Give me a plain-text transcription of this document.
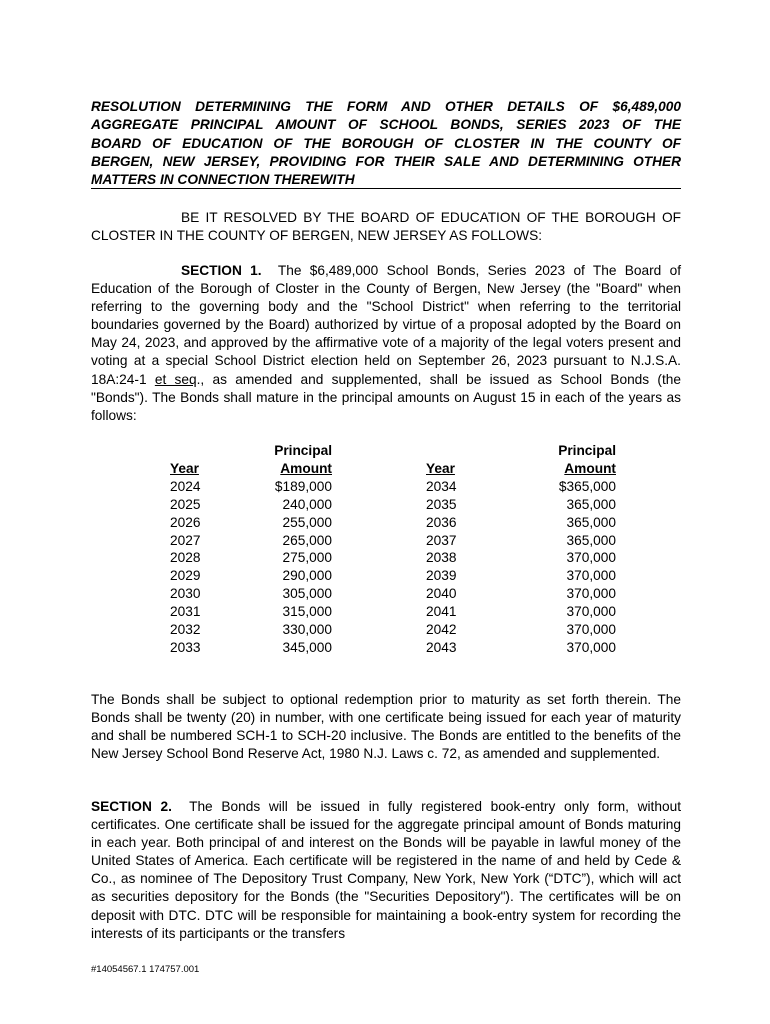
RESOLUTION DETERMINING THE FORM AND OTHER DETAILS OF $6,489,000
AGGREGATE PRINCIPAL AMOUNT OF SCHOOL BONDS, SERIES 2023 OF THE
BOARD OF EDUCATION OF THE BOROUGH OF CLOSTER IN THE COUNTY OF
BERGEN, NEW JERSEY, PROVIDING FOR THEIR SALE AND DETERMINING OTHER
MATTERS IN CONNECTION THEREWITH
BE IT RESOLVED BY THE BOARD OF EDUCATION OF THE BOROUGH OF CLOSTER IN THE COUNTY OF BERGEN, NEW JERSEY AS FOLLOWS:
SECTION 1. The $6,489,000 School Bonds, Series 2023 of The Board of Education of the Borough of Closter in the County of Bergen, New Jersey (the "Board" when referring to the governing body and the "School District" when referring to the territorial boundaries governed by the Board) authorized by virtue of a proposal adopted by the Board on May 24, 2023, and approved by the affirmative vote of a majority of the legal voters present and voting at a special School District election held on September 26, 2023 pursuant to N.J.S.A. 18A:24-1 et seq., as amended and supplemented, shall be issued as School Bonds (the "Bonds"). The Bonds shall mature in the principal amounts on August 15 in each of the years as follows:

Year
2024
2025
2026
2027
2028
2029
2030
2031
2032
2033
Principal
Amount
$189,000
240,000
255,000
265,000
275,000
290,000
305,000
315,000
330,000
345,000

Year
2034
2035
2036
2037
2038
2039
2040
2041
2042
2043
Principal
Amount
$365,000
365,000
365,000
365,000
370,000
370,000
370,000
370,000
370,000
370,000
The Bonds shall be subject to optional redemption prior to maturity as set forth therein. The Bonds shall be twenty (20) in number, with one certificate being issued for each year of maturity and shall be numbered SCH-1 to SCH-20 inclusive. The Bonds are entitled to the benefits of the New Jersey School Bond Reserve Act, 1980 N.J. Laws c. 72, as amended and supplemented.
SECTION 2. The Bonds will be issued in fully registered book-entry only form, without certificates. One certificate shall be issued for the aggregate principal amount of Bonds maturing in each year. Both principal of and interest on the Bonds will be payable in lawful money of the United States of America. Each certificate will be registered in the name of and held by Cede & Co., as nominee of The Depository Trust Company, New York, New York (“DTC”), which will act as securities depository for the Bonds (the "Securities Depository"). The certificates will be on deposit with DTC. DTC will be responsible for maintaining a book-entry system for recording the interests of its participants or the transfers
#14054567.1 174757.001
